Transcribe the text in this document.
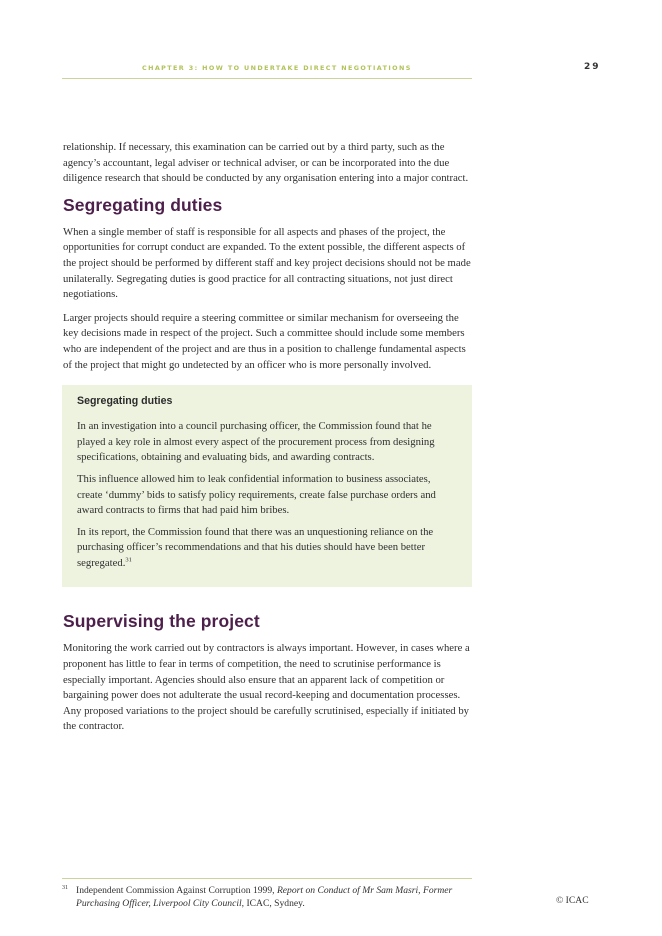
CHAPTER 3: HOW TO UNDERTAKE DIRECT NEGOTIATIONS	29

relationship. If necessary, this examination can be carried out by a third party, such as the agency’s accountant, legal adviser or technical adviser, or can be incorporated into the due diligence research that should be conducted by any organisation entering into a major contract.

Segregating duties

When a single member of staff is responsible for all aspects and phases of the project, the opportunities for corrupt conduct are expanded. To the extent possible, the different aspects of the project should be performed by different staff and key project decisions should not be made unilaterally. Segregating duties is good practice for all contracting situations, not just direct negotiations.

Larger projects should require a steering committee or similar mechanism for overseeing the key decisions made in respect of the project. Such a committee should include some members who are independent of the project and are thus in a position to challenge fundamental aspects of the project that might go undetected by an officer who is more personally involved.

Segregating duties

In an investigation into a council purchasing officer, the Commission found that he played a key role in almost every aspect of the procurement process from designing specifications, obtaining and evaluating bids, and awarding contracts.

This influence allowed him to leak confidential information to business associates, create ‘dummy’ bids to satisfy policy requirements, create false purchase orders and award contracts to firms that had paid him bribes.

In its report, the Commission found that there was an unquestioning reliance on the purchasing officer’s recommendations and that his duties should have been better segregated.$^{31}$

Supervising the project

Monitoring the work carried out by contractors is always important. However, in cases where a proponent has little to fear in terms of competition, the need to scrutinise performance is especially important. Agencies should also ensure that an apparent lack of competition or bargaining power does not adulterate the usual record-keeping and documentation processes. Any proposed variations to the project should be carefully scrutinised, especially if initiated by the contractor.

31 Independent Commission Against Corruption 1999, Report on Conduct of Mr Sam Masri, Former Purchasing Officer, Liverpool City Council, ICAC, Sydney.	© ICAC
